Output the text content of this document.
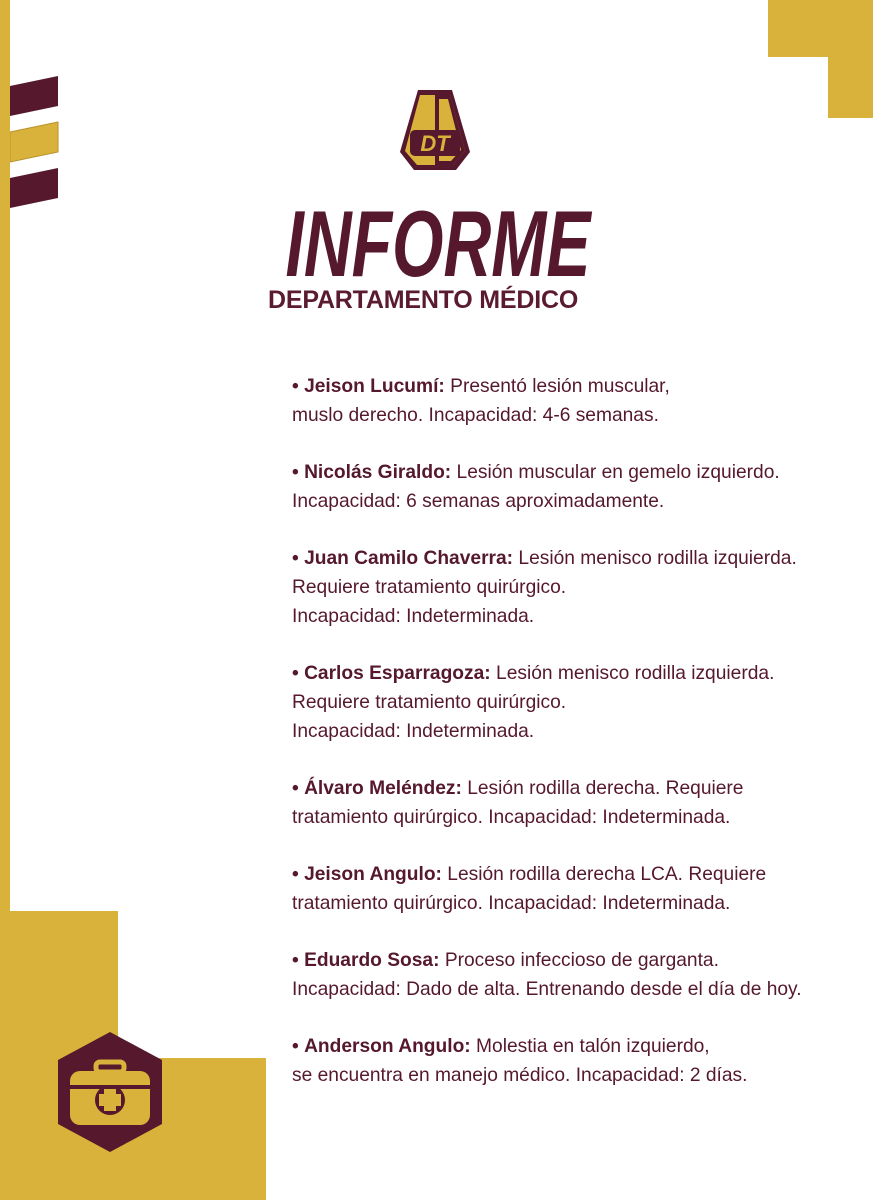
DT
INFORME

DEPARTAMENTO MÉDICO

• Jeison Lucumí: Presentó lesión muscular,
muslo derecho. Incapacidad: 4-6 semanas.
• Nicolás Giraldo: Lesión muscular en gemelo izquierdo.
Incapacidad: 6 semanas aproximadamente.
• Juan Camilo Chaverra: Lesión menisco rodilla izquierda.
Requiere tratamiento quirúrgico.
Incapacidad: Indeterminada.
• Carlos Esparragoza: Lesión menisco rodilla izquierda.
Requiere tratamiento quirúrgico.
Incapacidad: Indeterminada.
• Álvaro Meléndez: Lesión rodilla derecha. Requiere
tratamiento quirúrgico. Incapacidad: Indeterminada.
• Jeison Angulo: Lesión rodilla derecha LCA. Requiere
tratamiento quirúrgico. Incapacidad: Indeterminada.
• Eduardo Sosa: Proceso infeccioso de garganta.
Incapacidad: Dado de alta. Entrenando desde el día de hoy.
• Anderson Angulo: Molestia en talón izquierdo,
se encuentra en manejo médico. Incapacidad: 2 días.
